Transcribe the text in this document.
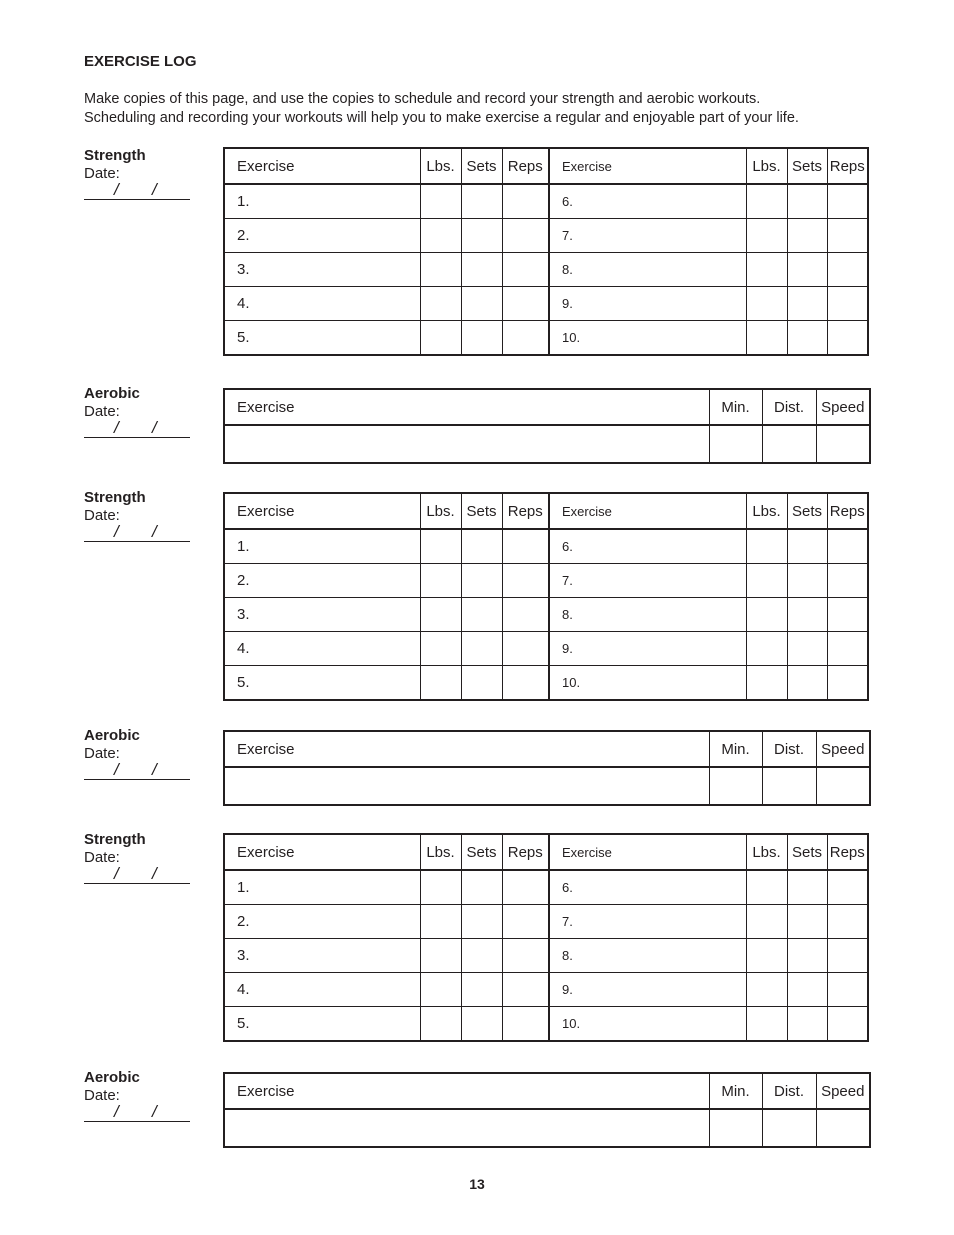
EXERCISE LOG
Make copies of this page, and use the copies to schedule and record your strength and aerobic workouts.
Scheduling and recording your workouts will help you to make exercise a regular and enjoyable part of your life.
Strength
Date:
/ /
Exercise	Lbs.	Sets	Reps	Exercise	Lbs.	Sets	Reps
1.				6.			
2.				7.			
3.				8.			
4.				9.			
5.				10.			
Aerobic
Date:
/ /
Exercise	Min.	Dist.	Speed

Strength
Date:
/ /
Exercise	Lbs.	Sets	Reps	Exercise	Lbs.	Sets	Reps
1.				6.			
2.				7.			
3.				8.			
4.				9.			
5.				10.			
Aerobic
Date:
/ /
Exercise	Min.	Dist.	Speed

Strength
Date:
/ /
Exercise	Lbs.	Sets	Reps	Exercise	Lbs.	Sets	Reps
1.				6.			
2.				7.			
3.				8.			
4.				9.			
5.				10.			
Aerobic
Date:
/ /
Exercise	Min.	Dist.	Speed

13
